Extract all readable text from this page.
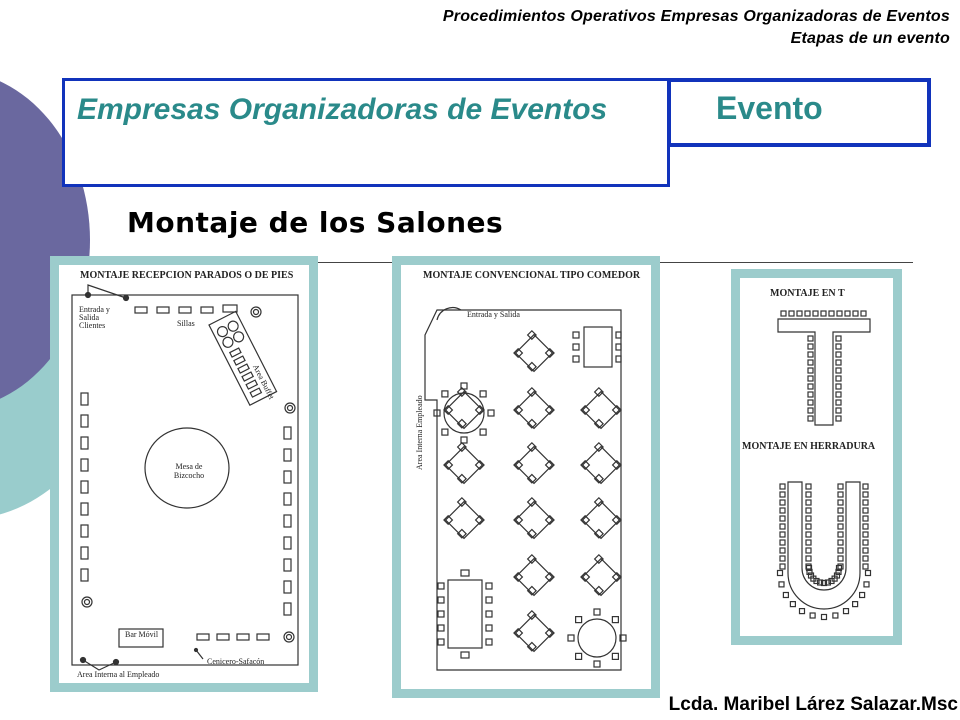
Procedimientos Operativos Empresas Organizadoras de Eventos
Etapas de un evento
Empresas Organizadoras de Eventos	Evento
Montaje de los Salones
MONTAJE RECEPCION PARADOS O DE PIES
Entrada y Salida Clientes	Sillas
Area Buffet
Mesa de Bizcocho
Bar Móvil
Cenicero-Safacón
Area Interna al Empleado
MONTAJE CONVENCIONAL TIPO COMEDOR
Entrada y Salida
Area Interna Empleado
MONTAJE EN T
MONTAJE EN HERRADURA
Lcda. Maribel Lárez Salazar.Msc
